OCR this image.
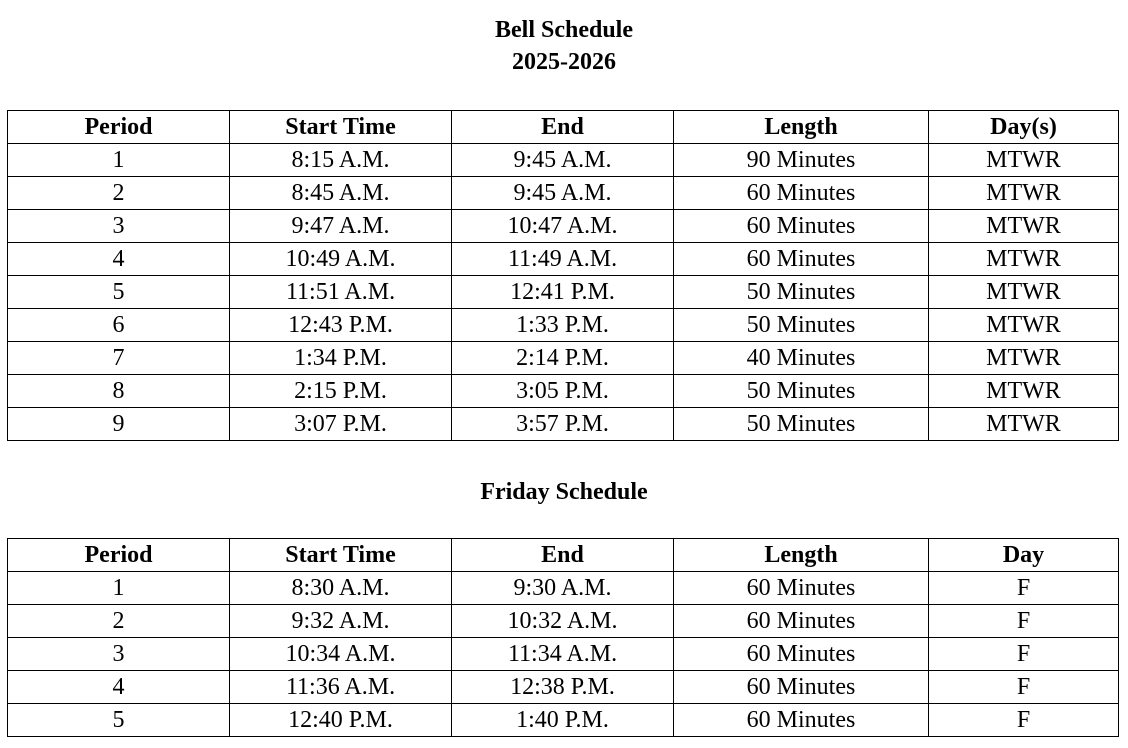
Bell Schedule
2025-2026
Period	Start Time	End	Length	Day(s)
1	8:15 A.M.	9:45 A.M.	90 Minutes	MTWR
2	8:45 A.M.	9:45 A.M.	60 Minutes	MTWR
3	9:47 A.M.	10:47 A.M.	60 Minutes	MTWR
4	10:49 A.M.	11:49 A.M.	60 Minutes	MTWR
5	11:51 A.M.	12:41 P.M.	50 Minutes	MTWR
6	12:43 P.M.	1:33 P.M.	50 Minutes	MTWR
7	1:34 P.M.	2:14 P.M.	40 Minutes	MTWR
8	2:15 P.M.	3:05 P.M.	50 Minutes	MTWR
9	3:07 P.M.	3:57 P.M.	50 Minutes	MTWR
Friday Schedule
Period	Start Time	End	Length	Day
1	8:30 A.M.	9:30 A.M.	60 Minutes	F
2	9:32 A.M.	10:32 A.M.	60 Minutes	F
3	10:34 A.M.	11:34 A.M.	60 Minutes	F
4	11:36 A.M.	12:38 P.M.	60 Minutes	F
5	12:40 P.M.	1:40 P.M.	60 Minutes	F
